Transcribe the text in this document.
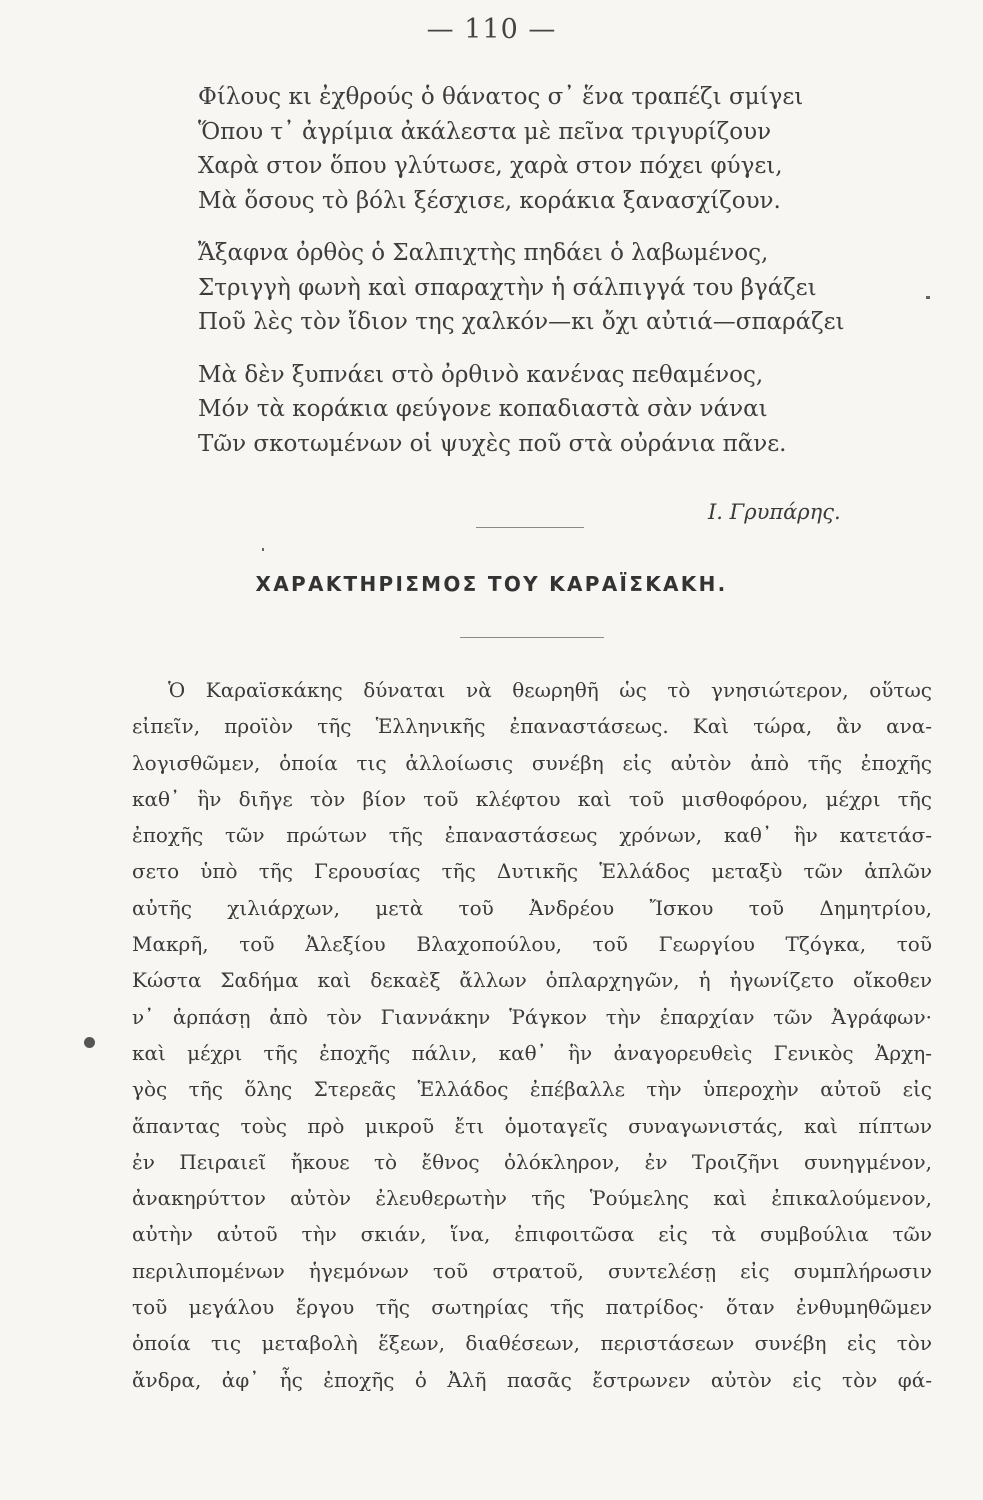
— 110 —
Φίλους κι ἐχθρούς ὁ θάνατος σ᾽ ἕνα τραπέζι σμίγει
Ὅπου τ᾽ ἀγρίμια ἀκάλεστα μὲ πεῖνα τριγυρίζουν
Χαρὰ στον ὅπου γλύτωσε, χαρὰ στον πόχει φύγει,
Μὰ ὅσους τὸ βόλι ξέσχισε, κοράκια ξανασχίζουν.
Ἄξαφνα ὀρθὸς ὁ Σαλπιχτὴς πηδάει ὁ λαβωμένος,
Στριγγὴ φωνὴ καὶ σπαραχτὴν ἡ σάλπιγγά του βγάζει
Ποῦ λὲς τὸν ἴδιον της χαλκόν—κι ὄχι αὐτιά—σπαράζει
Μὰ δὲν ξυπνάει στὸ ὀρθινὸ κανένας πεθαμένος,
Μόν τὰ κοράκια φεύγονε κοπαδιαστὰ σὰν νάναι
Τῶν σκοτωμένων οἱ ψυχὲς ποῦ στὰ οὐράνια πᾶνε.
Ι. Γρυπάρης.
ΧΑΡΑΚΤΗΡΙΣΜΟΣ ΤΟΥ ΚΑΡΑΪΣΚΑΚΗ.
Ὁ Καραϊσκάκης δύναται νὰ θεωρηθῆ ὡς τὸ γνησιώτερον, οὕτως
εἰπεῖν, προϊὸν τῆς Ἑλληνικῆς ἐπαναστάσεως. Καὶ τώρα, ἂν ανα-
λογισθῶμεν, ὁποία τις ἀλλοίωσις συνέβη εἰς αὐτὸν ἀπὸ τῆς ἐποχῆς
καθ᾽ ἣν διῆγε τὸν βίον τοῦ κλέφτου καὶ τοῦ μισθοφόρου, μέχρι τῆς
ἐποχῆς τῶν πρώτων τῆς ἐπαναστάσεως χρόνων, καθ᾽ ἣν κατετάσ-
σετο ὑπὸ τῆς Γερουσίας τῆς Δυτικῆς Ἑλλάδος μεταξὺ τῶν ἁπλῶν
αὐτῆς χιλιάρχων, μετὰ τοῦ Ἀνδρέου Ἴσκου τοῦ Δημητρίου,
Μακρῆ, τοῦ Ἀλεξίου Βλαχοπούλου, τοῦ Γεωργίου Τζόγκα, τοῦ
Κώστα Σαδήμα καὶ δεκαὲξ ἄλλων ὁπλαρχηγῶν, ἡ ἠγωνίζετο οἴκοθεν
ν᾽ ἁρπάσῃ ἀπὸ τὸν Γιαννάκην Ῥάγκον τὴν ἐπαρχίαν τῶν Ἀγράφων·
καὶ μέχρι τῆς ἐποχῆς πάλιν, καθ᾽ ἣν ἀναγορευθεὶς Γενικὸς Ἀρχη-
γὸς τῆς ὅλης Στερεᾶς Ἑλλάδος ἐπέβαλλε τὴν ὑπεροχὴν αὐτοῦ εἰς
ἅπαντας τοὺς πρὸ μικροῦ ἔτι ὁμοταγεῖς συναγωνιστάς, καὶ πίπτων
ἐν Πειραιεῖ ἤκουε τὸ ἔθνος ὁλόκληρον, ἐν Τροιζῆνι συνηγμένον,
ἀνακηρύττον αὐτὸν ἐλευθερωτὴν τῆς Ῥούμελης καὶ ἐπικαλούμενον,
αὐτὴν αὐτοῦ τὴν σκιάν, ἵνα, ἐπιφοιτῶσα εἰς τὰ συμβούλια τῶν
περιλιπομένων ἡγεμόνων τοῦ στρατοῦ, συντελέσῃ εἰς συμπλήρωσιν
τοῦ μεγάλου ἔργου τῆς σωτηρίας τῆς πατρίδος· ὅταν ἐνθυμηθῶμεν
ὁποία τις μεταβολὴ ἕξεων, διαθέσεων, περιστάσεων συνέβη εἰς τὸν
ἄνδρα, ἀφ᾽ ἧς ἐποχῆς ὁ Ἀλῆ πασᾶς ἔστρωνεν αὐτὸν εἰς τὸν φά-
